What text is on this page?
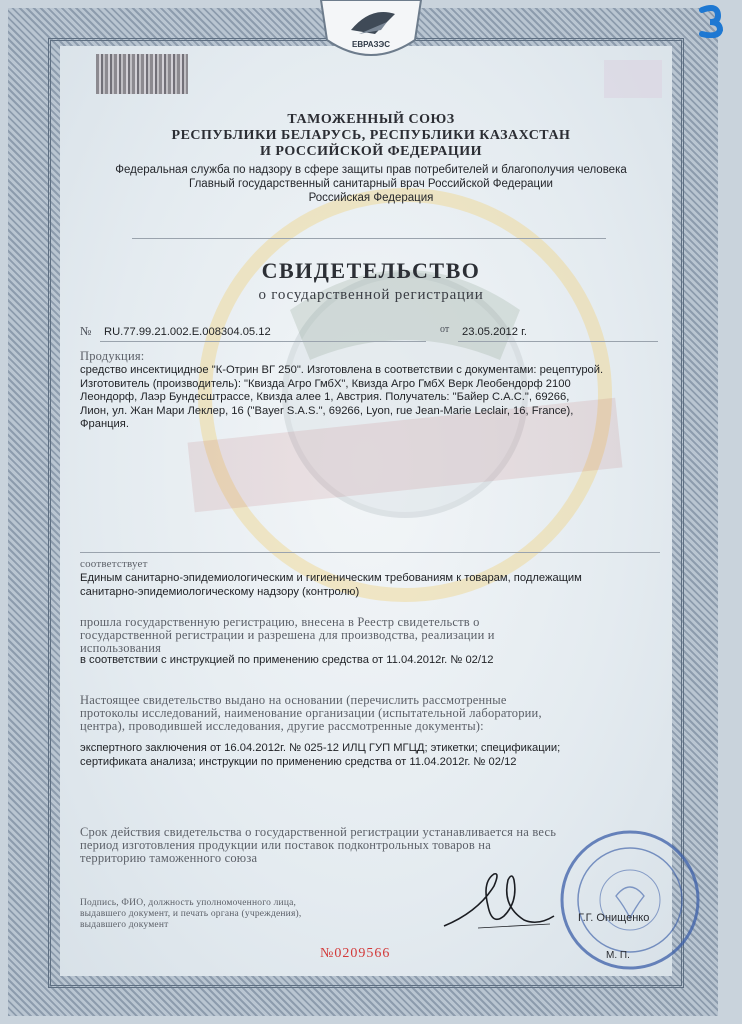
ЕВРАЗЭС
ТАМОЖЕННЫЙ СОЮЗ
РЕСПУБЛИКИ БЕЛАРУСЬ, РЕСПУБЛИКИ КАЗАХСТАН
И РОССИЙСКОЙ ФЕДЕРАЦИИ
Федеральная служба по надзору в сфере защиты прав потребителей и благополучия человека
Главный государственный санитарный врач Российской Федерации
Российская Федерация
СВИДЕТЕЛЬСТВО
о государственной регистрации
№ RU.77.99.21.002.Е.008304.05.12	от 23.05.2012 г.
Продукция:
средство инсектицидное "К-Отрин ВГ 250". Изготовлена в соответствии с документами: рецептурой.
Изготовитель (производитель): "Квизда Агро ГмбХ", Квизда Агро ГмбХ Верк Леобендорф 2100
Леондорф, Лаэр Бундесштрассе, Квизда алее 1, Австрия. Получатель: "Байер С.А.С.", 69266,
Лион, ул. Жан Мари Леклер, 16 ("Bayer S.A.S.", 69266, Lyon, rue Jean-Marie Leclair, 16, France),
Франция.
соответствует
Единым санитарно-эпидемиологическим и гигиеническим требованиям к товарам, подлежащим
санитарно-эпидемиологическому надзору (контролю)
прошла государственную регистрацию, внесена в Реестр свидетельств о
государственной регистрации и разрешена для производства, реализации и
использования
в соответствии с инструкцией по применению средства от 11.04.2012г. № 02/12
Настоящее свидетельство выдано на основании (перечислить рассмотренные
протоколы исследований, наименование организации (испытательной лаборатории,
центра), проводившей исследования, другие рассмотренные документы):
экспертного заключения от 16.04.2012г. № 025-12 ИЛЦ ГУП МГЦД; этикетки; спецификации;
сертификата анализа; инструкции по применению средства от 11.04.2012г. № 02/12
Срок действия свидетельства о государственной регистрации устанавливается на весь
период изготовления продукции или поставок подконтрольных товаров на
территорию таможенного союза
Подпись, ФИО, должность уполномоченного лица,
выдавшего документ, и печать органа (учреждения),
выдавшего документ
Г.Г. Онищенко
М. П.
№0209566
